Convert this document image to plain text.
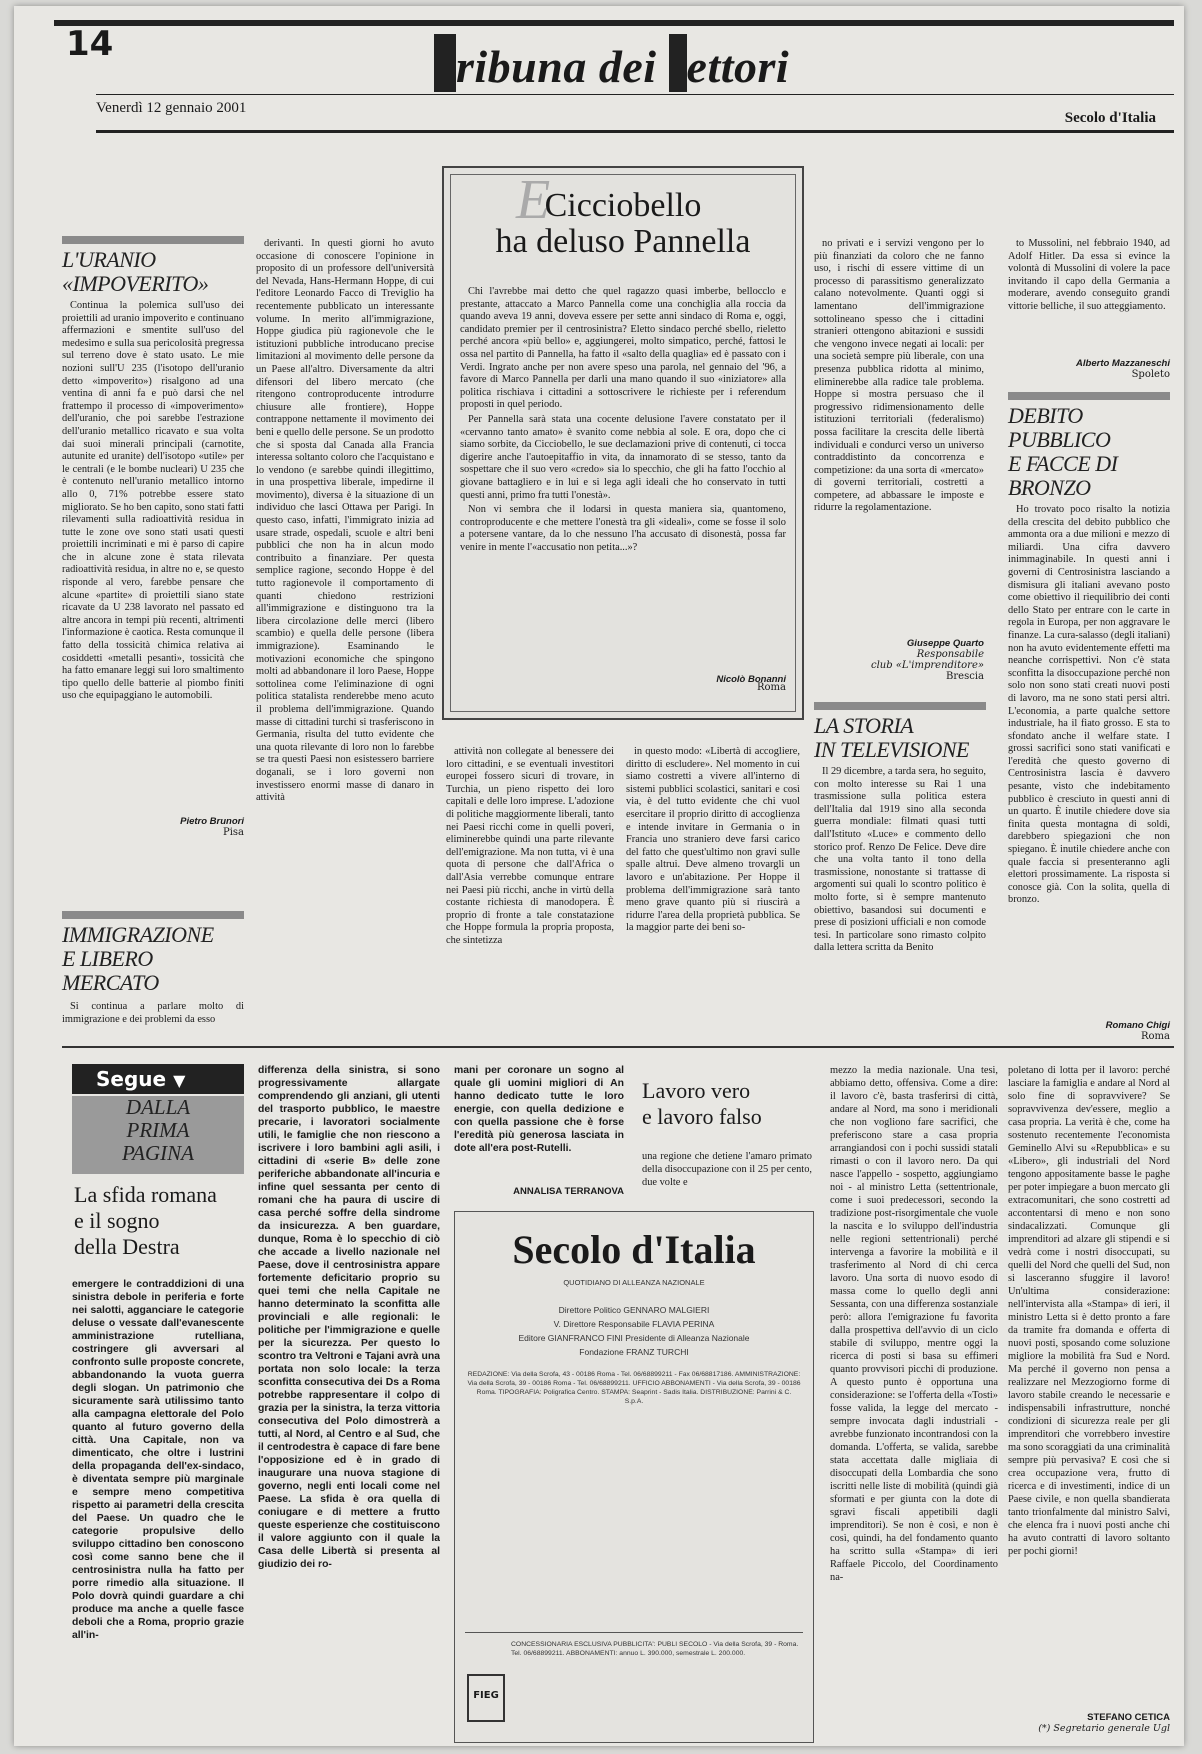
14	ribuna dei ettori
Venerdì 12 gennaio 2001
Secolo d'Italia
E
Cicciobello
ha deluso Pannella

Chi l'avrebbe mai detto che quel ragazzo quasi imberbe, bellocclo e prestante, attaccato a Marco Pannella come una conchiglia alla roccia da quando aveva 19 anni, doveva essere per sette anni sindaco di Roma e, oggi, candidato premier per il centrosinistra? Eletto sindaco perché sbello, rieletto perché ancora «più bello» e, aggiungerei, molto simpatico, perché, fattosi le ossa nel partito di Pannella, ha fatto il «salto della quaglia» ed è passato con i Verdi. Ingrato anche per non avere speso una parola, nel gennaio del '96, a favore di Marco Pannella per darli una mano quando il suo «iniziatore» alla politica rischiava i cittadini a sottoscrivere le richieste per i referendum proposti in quel periodo.

Per Pannella sarà stata una cocente delusione l'avere constatato per il «cervanno tanto amato» è svanito come nebbia al sole. E ora, dopo che ci siamo sorbite, da Cicciobello, le sue declamazioni prive di contenuti, ci tocca digerire anche l'autoepitaffio in vita, da innamorato di se stesso, tanto da sospettare che il suo vero «credo» sia lo specchio, che gli ha fatto l'occhio al giovane battagliero e in lui e si lega agli ideali che ho conservato in tutti questi anni, primo fra tutti l'onestà».

Non vi sembra che il lodarsi in questa maniera sia, quantomeno, controproducente e che mettere l'onestà tra gli «ideali», come se fosse il solo a potersene vantare, da lo che nessuno l'ha accusato di disonestà, possa far venire in mente l'«accusatio non petita...»?

Nicolò Bonanni
Roma
L'URANIO
«IMPOVERITO»

Continua la polemica sull'uso dei proiettili ad uranio impoverito e continuano affermazioni e smentite sull'uso del medesimo e sulla sua pericolosità pregressa sul terreno dove è stato usato. Le mie nozioni sull'U 235 (l'isotopo dell'uranio detto «impoverito») risalgono ad una ventina di anni fa e può darsi che nel frattempo il processo di «impoverimento» dell'uranio, che poi sarebbe l'estrazione dell'uranio metallico ricavato e sua volta dai suoi minerali principali (carnotite, autunite ed uranite) dell'isotopo «utile» per le centrali (e le bombe nucleari) U 235 che è contenuto nell'uranio metallico intorno allo 0, 71% potrebbe essere stato migliorato. Se ho ben capito, sono stati fatti rilevamenti sulla radioattività residua in tutte le zone ove sono stati usati questi proiettili incriminati e mi è parso di capire che in alcune zone è stata rilevata radioattività residua, in altre no e, se questo risponde al vero, farebbe pensare che alcune «partite» di proiettili siano state ricavate da U 238 lavorato nel passato ed altre ancora in tempi più recenti, altrimenti l'informazione è caotica. Resta comunque il fatto della tossicità chimica relativa ai cosiddetti «metalli pesanti», tossicità che ha fatto emanare leggi sui loro smaltimento tipo quello delle batterie al piombo finiti uso che equipaggiano le automobili.

Pietro Brunori
Pisa
IMMIGRAZIONE
E LIBERO MERCATO

Si continua a parlare molto di immigrazione e dei problemi da esso

derivanti. In questi giorni ho avuto occasione di conoscere l'opinione in proposito di un professore dell'università del Nevada, Hans-Hermann Hoppe, di cui l'editore Leonardo Facco di Treviglio ha recentemente pubblicato un interessante volume. In merito all'immigrazione, Hoppe giudica più ragionevole che le istituzioni pubbliche introducano precise limitazioni al movimento delle persone da un Paese all'altro. Diversamente da altri difensori del libero mercato (che ritengono controproducente introdurre chiusure alle frontiere), Hoppe contrappone nettamente il movimento dei beni e quello delle persone. Se un prodotto che si sposta dal Canada alla Francia interessa soltanto coloro che l'acquistano e lo vendono (e sarebbe quindi illegittimo, in una prospettiva liberale, impedirne il movimento), diversa è la situazione di un individuo che lasci Ottawa per Parigi. In questo caso, infatti, l'immigrato inizia ad usare strade, ospedali, scuole e altri beni pubblici che non ha in alcun modo contribuito a finanziare. Per questa semplice ragione, secondo Hoppe è del tutto ragionevole il comportamento di quanti chiedono restrizioni all'immigrazione e distinguono tra la libera circolazione delle merci (libero scambio) e quella delle persone (libera immigrazione). Esaminando le motivazioni economiche che spingono molti ad abbandonare il loro Paese, Hoppe sottolinea come l'eliminazione di ogni politica statalista renderebbe meno acuto il problema dell'immigrazione. Quando masse di cittadini turchi si trasferiscono in Germania, risulta del tutto evidente che una quota rilevante di loro non lo farebbe se tra questi Paesi non esistessero barriere doganali, se i loro governi non investissero enormi masse di danaro in attività

attività non collegate al benessere dei loro cittadini, e se eventuali investitori europei fossero sicuri di trovare, in Turchia, un pieno rispetto dei loro capitali e delle loro imprese. L'adozione di politiche maggiormente liberali, tanto nei Paesi ricchi come in quelli poveri, eliminerebbe quindi una parte rilevante dell'emigrazione. Ma non tutta, vi è una quota di persone che dall'Africa o dall'Asia verrebbe comunque entrare nei Paesi più ricchi, anche in virtù della costante richiesta di manodopera. È proprio di fronte a tale constatazione che Hoppe formula la propria proposta, che sintetizza

in questo modo: «Libertà di accogliere, diritto di escludere». Nel momento in cui siamo costretti a vivere all'interno di sistemi pubblici scolastici, sanitari e così via, è del tutto evidente che chi vuol esercitare il proprio diritto di accoglienza e intende invitare in Germania o in Francia uno straniero deve farsi carico del fatto che quest'ultimo non gravi sulle spalle altrui. Deve almeno trovargli un lavoro e un'abitazione. Per Hoppe il problema dell'immigrazione sarà tanto meno grave quanto più si riuscirà a ridurre l'area della proprietà pubblica. Se la maggior parte dei beni so-

no privati e i servizi vengono per lo più finanziati da coloro che ne fanno uso, i rischi di essere vittime di un processo di parassitismo generalizzato calano notevolmente. Quanti oggi si lamentano dell'immigrazione sottolineano spesso che i cittadini stranieri ottengono abitazioni e sussidi che vengono invece negati ai locali: per una società sempre più liberale, con una presenza pubblica ridotta al minimo, eliminerebbe alla radice tale problema. Hoppe si mostra persuaso che il progressivo ridimensionamento delle istituzioni territoriali (federalismo) possa facilitare la crescita delle libertà individuali e condurci verso un universo contraddistinto da concorrenza e competizione: da una sorta di «mercato» di governi territoriali, costretti a competere, ad abbassare le imposte e ridurre la regolamentazione.

Giuseppe Quarto
Responsabile
club «L'imprenditore»
Brescia
LA STORIA
IN TELEVISIONE

Il 29 dicembre, a tarda sera, ho seguito, con molto interesse su Rai 1 una trasmissione sulla politica estera dell'Italia dal 1919 sino alla seconda guerra mondiale: filmati quasi tutti dall'Istituto «Luce» e commento dello storico prof. Renzo De Felice. Deve dire che una volta tanto il tono della trasmissione, nonostante si trattasse di argomenti sui quali lo scontro politico è molto forte, si è sempre mantenuto obiettivo, basandosi sui documenti e prese di posizioni ufficiali e non comode tesi. In particolare sono rimasto colpito dalla lettera scritta da Benito

to Mussolini, nel febbraio 1940, ad Adolf Hitler. Da essa si evince la volontà di Mussolini di volere la pace invitando il capo della Germania a moderare, avendo conseguito grandi vittorie belliche, il suo atteggiamento.

Alberto Mazzaneschi
Spoleto
DEBITO PUBBLICO
E FACCE DI BRONZO

Ho trovato poco risalto la notizia della crescita del debito pubblico che ammonta ora a due milioni e mezzo di miliardi. Una cifra davvero inimmaginabile. In questi anni i governi di Centrosinistra lasciando a dismisura gli italiani avevano posto come obiettivo il riequilibrio dei conti dello Stato per entrare con le carte in regola in Europa, per non aggravare le finanze. La cura-salasso (degli italiani) non ha avuto evidentemente effetti ma neanche corrispettivi. Non c'è stata sconfitta la disoccupazione perché non solo non sono stati creati nuovi posti di lavoro, ma ne sono stati persi altri. L'economia, a parte qualche settore industriale, ha il fiato grosso. E sta to sfondato anche il welfare state. I grossi sacrifici sono stati vanificati e l'eredità che questo governo di Centrosinistra lascia è davvero pesante, visto che indebitamento pubblico è cresciuto in questi anni di un quarto. È inutile chiedere dove sia finita questa montagna di soldi, darebbero spiegazioni che non spiegano. È inutile chiedere anche con quale faccia si presenteranno agli elettori prossimamente. La risposta si conosce già. Con la solita, quella di bronzo.

Romano Chigi
Roma
Segue ▼
DALLA
PRIMA
PAGINA
La sfida romana
e il sogno
della Destra
emergere le contraddizioni di una sinistra debole in periferia e forte nei salotti, agganciare le categorie deluse o vessate dall'evanescente amministrazione rutelliana, costringere gli avversari al confronto sulle proposte concrete, abbandonando la vuota guerra degli slogan. Un patrimonio che sicuramente sarà utilissimo tanto alla campagna elettorale del Polo quanto al futuro governo della città. Una Capitale, non va dimenticato, che oltre i lustrini della propaganda dell'ex-sindaco, è diventata sempre più marginale e sempre meno competitiva rispetto ai parametri della crescita del Paese. Un quadro che le categorie propulsive dello sviluppo cittadino ben conoscono così come sanno bene che il centrosinistra nulla ha fatto per porre rimedio alla situazione. Il Polo dovrà quindi guardare a chi produce ma anche a quelle fasce deboli che a Roma, proprio grazie all'in-
differenza della sinistra, si sono progressivamente allargate comprendendo gli anziani, gli utenti del trasporto pubblico, le maestre precarie, i lavoratori socialmente utili, le famiglie che non riescono a iscrivere i loro bambini agli asili, i cittadini di «serie B» delle zone periferiche abbandonate all'incuria e infine quel sessanta per cento di romani che ha paura di uscire di casa perché soffre della sindrome da insicurezza. A ben guardare, dunque, Roma è lo specchio di ciò che accade a livello nazionale nel Paese, dove il centrosinistra appare fortemente deficitario proprio su quei temi che nella Capitale ne hanno determinato la sconfitta alle provinciali e alle regionali: le politiche per l'immigrazione e quelle per la sicurezza. Per questo lo scontro tra Veltroni e Tajani avrà una portata non solo locale: la terza sconfitta consecutiva dei Ds a Roma potrebbe rappresentare il colpo di grazia per la sinistra, la terza vittoria consecutiva del Polo dimostrerà a tutti, al Nord, al Centro e al Sud, che il centrodestra è capace di fare bene l'opposizione ed è in grado di inaugurare una nuova stagione di governo, negli enti locali come nel Paese. La sfida è ora quella di coniugare e di mettere a frutto queste esperienze che costituiscono il valore aggiunto con il quale la Casa delle Libertà si presenta al giudizio dei ro-
mani per coronare un sogno al quale gli uomini migliori di An hanno dedicato tutte le loro energie, con quella dedizione e con quella passione che è forse l'eredità più generosa lasciata in dote all'era post-Rutelli.
ANNALISA TERRANOVA
Lavoro vero
e lavoro falso
una regione che detiene l'amaro primato della disoccupazione con il 25 per cento, due volte e
mezzo la media nazionale. Una tesi, abbiamo detto, offensiva. Come a dire: il lavoro c'è, basta trasferirsi di città, andare al Nord, ma sono i meridionali che non vogliono fare sacrifici, che preferiscono stare a casa propria arrangiandosi con i pochi sussidi statali rimasti o con il lavoro nero. Da qui nasce l'appello - sospetto, aggiungiamo noi - al ministro Letta (settentrionale, come i suoi predecessori, secondo la tradizione post-risorgimentale che vuole la nascita e lo sviluppo dell'industria nelle regioni settentrionali) perché intervenga a favorire la mobilità e il trasferimento al Nord di chi cerca lavoro. Una sorta di nuovo esodo di massa come lo quello degli anni Sessanta, con una differenza sostanziale però: allora l'emigrazione fu favorita dalla prospettiva dell'avvio di un ciclo stabile di sviluppo, mentre oggi la ricerca di posti si basa su effimeri quanto provvisori picchi di produzione. A questo punto è opportuna una considerazione: se l'offerta della «Tosti» fosse valida, la legge del mercato - sempre invocata dagli industriali - avrebbe funzionato incontrandosi con la domanda. L'offerta, se valida, sarebbe stata accettata dalle migliaia di disoccupati della Lombardia che sono iscritti nelle liste di mobilità (quindi già sformati e per giunta con la dote di sgravi fiscali appetibili dagli imprenditori). Se non è così, e non è così, quindi, ha del fondamento quanto ha scritto sulla «Stampa» di ieri Raffaele Piccolo, del Coordinamento na-
poletano di lotta per il lavoro: perché lasciare la famiglia e andare al Nord al solo fine di sopravvivere? Se sopravvivenza dev'essere, meglio a casa propria. La verità è che, come ha sostenuto recentemente l'economista Geminello Alvi su «Repubblica» e su «Libero», gli industriali del Nord tengono appositamente basse le paghe per poter impiegare a buon mercato gli extracomunitari, che sono costretti ad accontentarsi di meno e non sono sindacalizzati. Comunque gli imprenditori ad alzare gli stipendi e si vedrà come i nostri disoccupati, su quelli del Nord che quelli del Sud, non si lasceranno sfuggire il lavoro! Un'ultima considerazione: nell'intervista alla «Stampa» di ieri, il ministro Letta si è detto pronto a fare da tramite fra domanda e offerta di nuovi posti, sposando come soluzione migliore la mobilità fra Sud e Nord. Ma perché il governo non pensa a realizzare nel Mezzogiorno forme di lavoro stabile creando le necessarie e indispensabili infrastrutture, nonché condizioni di sicurezza reale per gli imprenditori che vorrebbero investire ma sono scoraggiati da una criminalità sempre più pervasiva? E così che si crea occupazione vera, frutto di ricerca e di investimenti, indice di un Paese civile, e non quella sbandierata tanto trionfalmente dal ministro Salvi, che elenca fra i nuovi posti anche chi ha avuto contratti di lavoro soltanto per pochi giorni!
STEFANO CETICA
(*) Segretario generale Ugl
Secolo d'Italia
QUOTIDIANO DI ALLEANZA NAZIONALE
Direttore Politico GENNARO MALGIERI
V. Direttore Responsabile FLAVIA PERINA
Editore GIANFRANCO FINI Presidente di Alleanza Nazionale
Fondazione FRANZ TURCHI
REDAZIONE: Via della Scrofa, 43 - 00186 Roma - Tel. 06/68899211 - Fax 06/68817186. AMMINISTRAZIONE: Via della Scrofa, 39 - 00186 Roma - Tel. 06/68899211. UFFICIO ABBONAMENTI - Via della Scrofa, 39 - 00186 Roma. TIPOGRAFIA: Poligrafica Centro. STAMPA: Seaprint - Sadis Italia. DISTRIBUZIONE: Parrini & C. S.p.A.
CONCESSIONARIA ESCLUSIVA PUBBLICITA': PUBLI SECOLO - Via della Scrofa, 39 - Roma. Tel. 06/68899211. ABBONAMENTI: annuo L. 390.000, semestrale L. 200.000.
FIEG
